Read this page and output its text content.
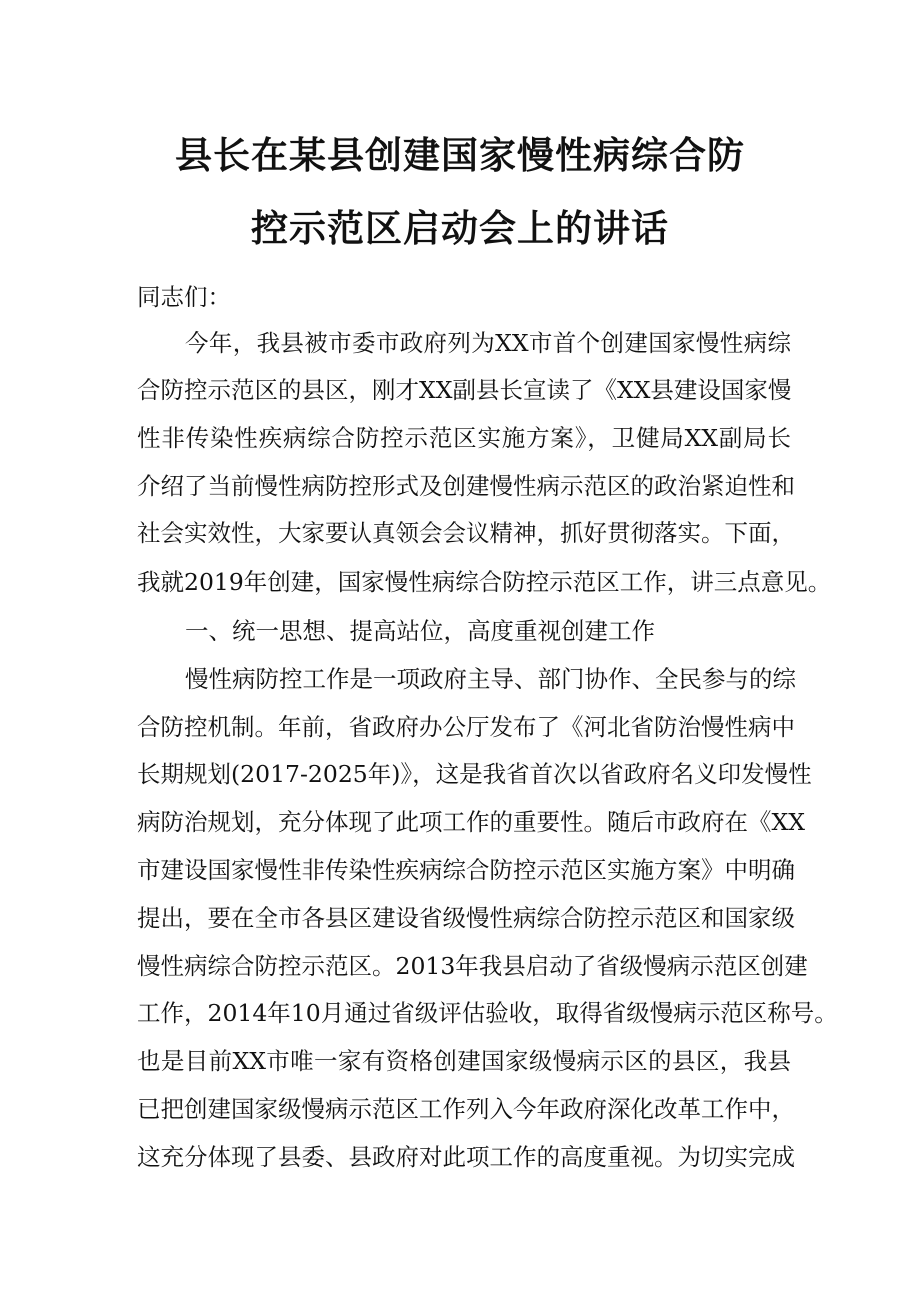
县长在某县创建国家慢性病综合防
控示范区启动会上的讲话
同志们：
今年，我县被市委市政府列为XX市首个创建国家慢性病综
合防控示范区的县区，刚才XX副县长宣读了《XX县建设国家慢
性非传染性疾病综合防控示范区实施方案》，卫健局XX副局长
介绍了当前慢性病防控形式及创建慢性病示范区的政治紧迫性和
社会实效性，大家要认真领会会议精神，抓好贯彻落实。下面，
我就2019年创建，国家慢性病综合防控示范区工作，讲三点意见。
一、统一思想、提高站位，高度重视创建工作
慢性病防控工作是一项政府主导、部门协作、全民参与的综
合防控机制。年前，省政府办公厅发布了《河北省防治慢性病中
长期规划(2017-2025年)》，这是我省首次以省政府名义印发慢性
病防治规划，充分体现了此项工作的重要性。随后市政府在《XX
市建设国家慢性非传染性疾病综合防控示范区实施方案》中明确
提出，要在全市各县区建设省级慢性病综合防控示范区和国家级
慢性病综合防控示范区。2013年我县启动了省级慢病示范区创建
工作，2014年10月通过省级评估验收，取得省级慢病示范区称号。
也是目前XX市唯一家有资格创建国家级慢病示区的县区，我县
已把创建国家级慢病示范区工作列入今年政府深化改革工作中，
这充分体现了县委、县政府对此项工作的高度重视。为切实完成
